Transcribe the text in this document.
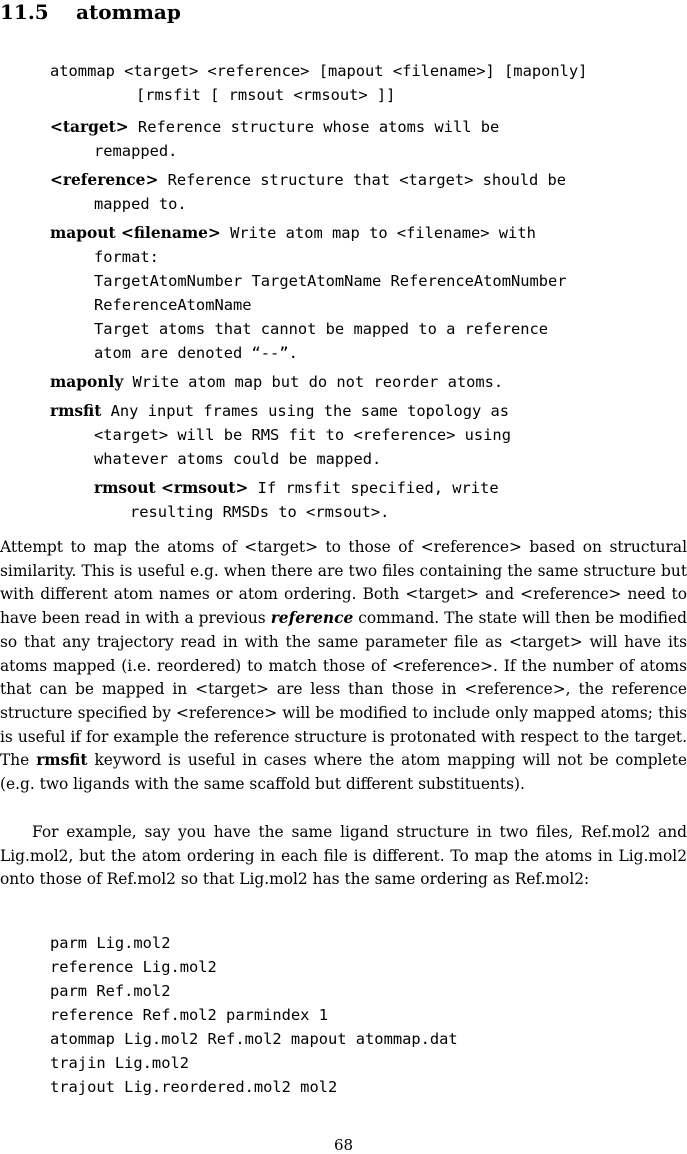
11.5 atommap
atommap <target> <reference> [mapout <filename>] [maponly]
[rmsfit [ rmsout <rmsout> ]]
<target> Reference structure whose atoms will be
remapped.
<reference> Reference structure that <target> should be
mapped to.
mapout <filename> Write atom map to <filename> with
format:
TargetAtomNumber TargetAtomName ReferenceAtomNumber
ReferenceAtomName
Target atoms that cannot be mapped to a reference
atom are denoted “--”.
maponly Write atom map but do not reorder atoms.
rmsfit Any input frames using the same topology as
<target> will be RMS fit to <reference> using
whatever atoms could be mapped.
rmsout <rmsout> If rmsfit specified, write
resulting RMSDs to <rmsout>.
Attempt to map the atoms of <target> to those of <reference> based on structural similarity. This is useful e.g. when there are two files containing the same structure but with different atom names or atom ordering. Both <target> and <reference> need to have been read in with a previous reference command. The state will then be modified so that any trajectory read in with the same parameter file as <target> will have its atoms mapped (i.e. reordered) to match those of <reference>. If the number of atoms that can be mapped in <target> are less than those in <reference>, the reference structure specified by <reference> will be modified to include only mapped atoms; this is useful if for example the reference structure is protonated with respect to the target. The rmsfit keyword is useful in cases where the atom mapping will not be complete (e.g. two ligands with the same scaffold but different substituents).
For example, say you have the same ligand structure in two files, Ref.mol2 and Lig.mol2, but the atom ordering in each file is different. To map the atoms in Lig.mol2 onto those of Ref.mol2 so that Lig.mol2 has the same ordering as Ref.mol2:
parm Lig.mol2
reference Lig.mol2
parm Ref.mol2
reference Ref.mol2 parmindex 1
atommap Lig.mol2 Ref.mol2 mapout atommap.dat
trajin Lig.mol2
trajout Lig.reordered.mol2 mol2
68
